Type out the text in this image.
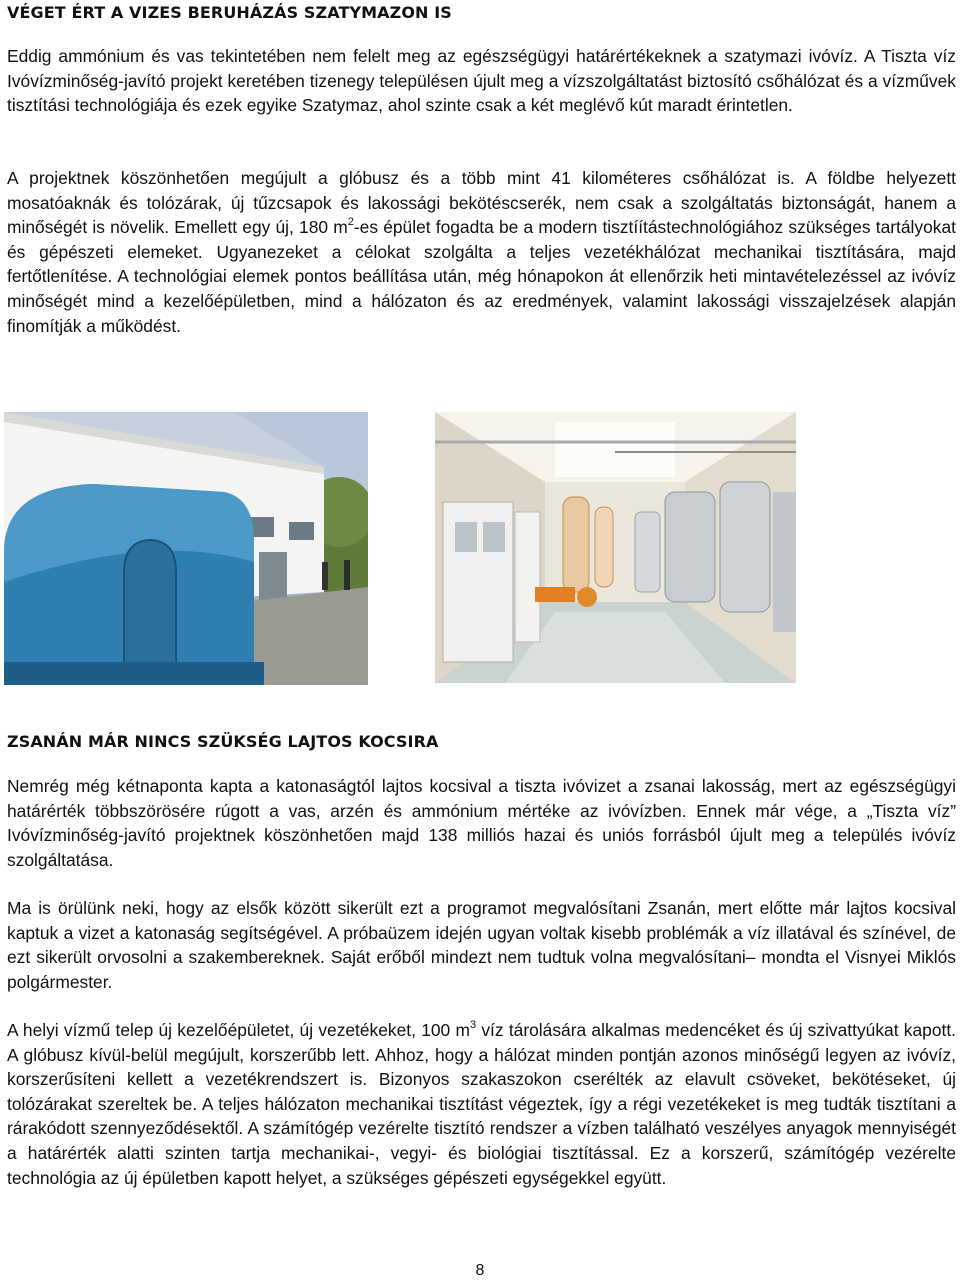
VÉGET ÉRT A VIZES BERUHÁZÁS SZATYMAZON IS

Eddig ammónium és vas tekintetében nem felelt meg az egészségügyi határértékeknek a szatymazi ivóvíz. A Tiszta víz Ivóvízminőség-javító projekt keretében tizenegy településen újult meg a vízszolgáltatást biztosító csőhálózat és a vízművek tisztítási technológiája és ezek egyike Szatymaz, ahol szinte csak a két meglévő kút maradt érintetlen.

A projektnek köszönhetően megújult a glóbusz és a több mint 41 kilométeres csőhálózat is. A földbe helyezett mosatóaknák és tolózárak, új tűzcsapok és lakossági bekötéscserék, nem csak a szolgáltatás biztonságát, hanem a minőségét is növelik. Emellett egy új, 180 $m^2-es$ épület fogadta be a modern tisztíítástechnológiához szükséges tartályokat és gépészeti elemeket. Ugyanezeket a célokat szolgálta a teljes vezetékhálózat mechanikai tisztítására, majd fertőtlenítése. A technológiai elemek pontos beállítása után, még hónapokon át ellenőrzik heti mintavételezéssel az ivóvíz minőségét mind a kezelőépületben, mind a hálózaton és az eredmények, valamint lakossági visszajelzések alapján finomítják a működést.

ZSANÁN MÁR NINCS SZÜKSÉG LAJTOS KOCSIRA

Nemrég még kétnaponta kapta a katonaságtól lajtos kocsival a tiszta ivóvizet a zsanai lakosság, mert az egészségügyi határérték többszörösére rúgott a vas, arzén és ammónium mértéke az ivóvízben. Ennek már vége, a „Tiszta víz” Ivóvízminőség-javító projektnek köszönhetően majd 138 milliós hazai és uniós forrásból újult meg a település ivóvíz szolgáltatása.

Ma is örülünk neki, hogy az elsők között sikerült ezt a programot megvalósítani Zsanán, mert előtte már lajtos kocsival kaptuk a vizet a katonaság segítségével. A próbaüzem idején ugyan voltak kisebb problémák a víz illatával és színével, de ezt sikerült orvosolni a szakembereknek. Saját erőből mindezt nem tudtuk volna megvalósítani– mondta el Visnyei Miklós polgármester.

A helyi vízmű telep új kezelőépületet, új vezetékeket, 100 $m^3$ víz tárolására alkalmas medencéket és új szivattyúkat kapott. A glóbusz kívül-belül megújult, korszerűbb lett. Ahhoz, hogy a hálózat minden pontján azonos minőségű legyen az ivóvíz, korszerűsíteni kellett a vezetékrendszert is. Bizonyos szakaszokon cserélték az elavult csöveket, bekötéseket, új tolózárakat szereltek be. A teljes hálózaton mechanikai tisztítást végeztek, így a régi vezetékeket is meg tudták tisztítani a rárakódott szennyeződésektől. A számítógép vezérelte tisztító rendszer a vízben található veszélyes anyagok mennyiségét a határérték alatti szinten tartja mechanikai-, vegyi- és biológiai tisztítással. Ez a korszerű, számítógép vezérelte technológia az új épületben kapott helyet, a szükséges gépészeti egységekkel együtt.

8
